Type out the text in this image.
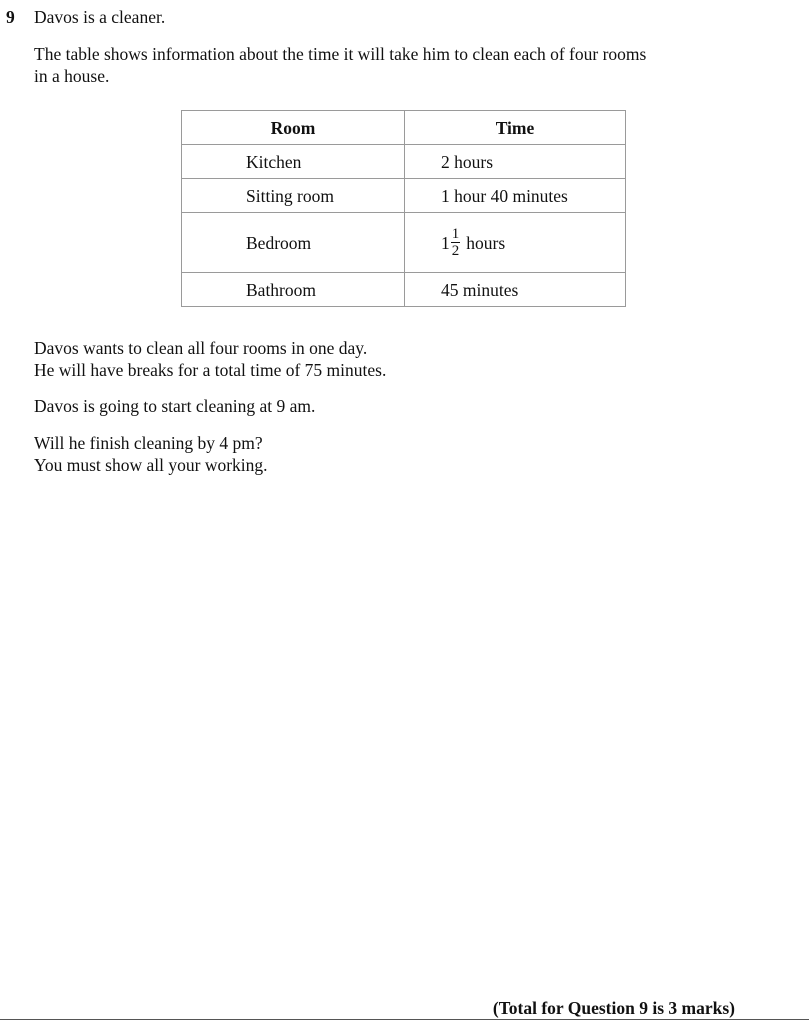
9 Davos is a cleaner.

The table shows information about the time it will take him to clean each of four rooms
in a house.

Room	Time
Kitchen	2 hours
Sitting room	1 hour 40 minutes
Bedroom	$1 \frac{1}{2}$ hours

Bathroom	45 minutes

Davos wants to clean all four rooms in one day.
He will have breaks for a total time of 75 minutes.

Davos is going to start cleaning at 9 am.

Will he finish cleaning by 4 pm?
You must show all your working.

(Total for Question 9 is 3 marks)
